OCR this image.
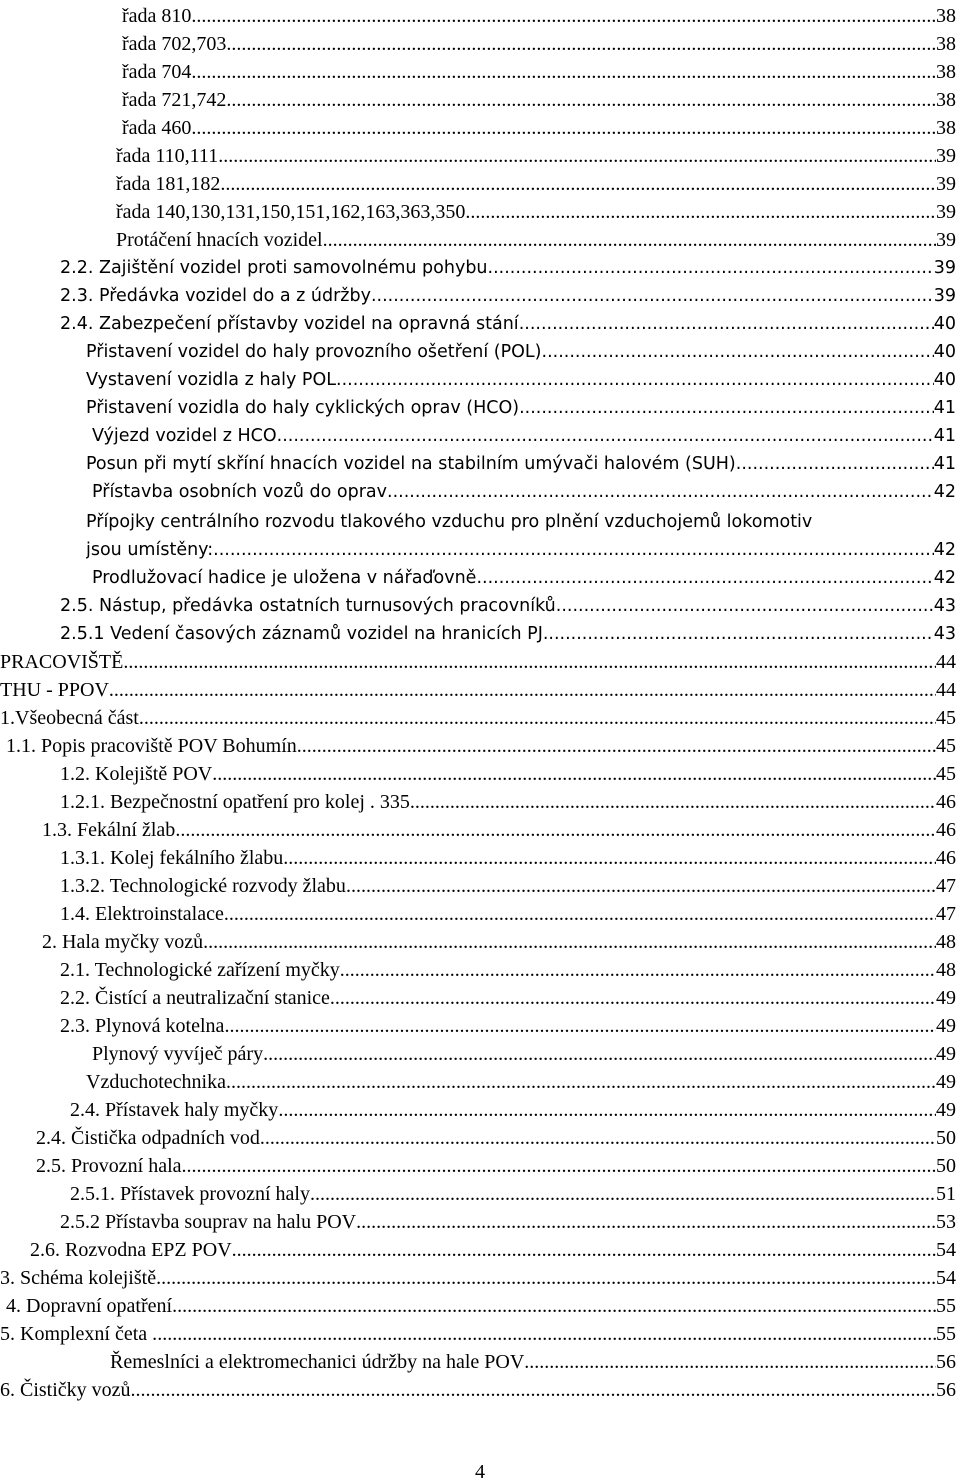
řada 810 .....	38
řada 702,703 .....	38
řada 704 .....	38
řada 721,742 .....	38
řada 460 .....	38
řada 110,111 .....	39
řada 181,182 .....	39
řada 140,130,131,150,151,162,163,363,350 .....	39
Protáčení hnacích vozidel .....	39
2.2. Zajištění vozidel proti samovolnému pohybu .....	39
2.3. Předávka vozidel do a z údržby .....	39
2.4. Zabezpečení přístavby vozidel na opravná stání .....	40
Přistavení vozidel do haly provozního ošetření (POL) .....	40
Vystavení vozidla z haly POL .....	40
Přistavení vozidla do haly cyklických oprav (HCO) .....	41
Výjezd vozidel z HCO .....	41
Posun při mytí skříní hnacích vozidel na stabilním umývači halovém (SUH) .....	41
Přístavba osobních vozů do oprav .....	42
Přípojky centrálního rozvodu tlakového vzduchu pro plnění vzduchojemů lokomotiv
jsou umístěny: .....	42
Prodlužovací hadice je uložena v nářaďovně .....	42
2.5. Nástup, předávka ostatních turnusových pracovníků .....	43
2.5.1 Vedení časových záznamů vozidel na hranicích PJ .....	43
PRACOVIŠTĚ .....	44
THU - PPOV .....	44
1.Všeobecná část .....	45
1.1. Popis pracoviště POV Bohumín .....	45
1.2. Kolejiště POV .....	45
1.2.1. Bezpečnostní opatření pro kolej . 335 .....	46
1.3. Fekální žlab .....	46
1.3.1. Kolej fekálního žlabu .....	46
1.3.2. Technologické rozvody žlabu .....	47
1.4. Elektroinstalace .....	47
2. Hala myčky vozů .....	48
2.1. Technologické zařízení myčky .....	48
2.2. Čistící a neutralizační stanice .....	49
2.3. Plynová kotelna .....	49
Plynový vyvíječ páry .....	49
Vzduchotechnika .....	49
2.4. Přístavek haly myčky .....	49
2.4. Čistička odpadních vod .....	50
2.5. Provozní hala .....	50
2.5.1. Přístavek provozní haly .....	51
2.5.2 Přístavba souprav na halu POV .....	53
2.6. Rozvodna EPZ POV .....	54
3. Schéma kolejiště .....	54
4. Dopravní opatření. .....	55
5. Komplexní četa . .....	55
Řemeslníci a elektromechanici údržby na hale POV .....	56
6. Čističky vozů .....	56
4
